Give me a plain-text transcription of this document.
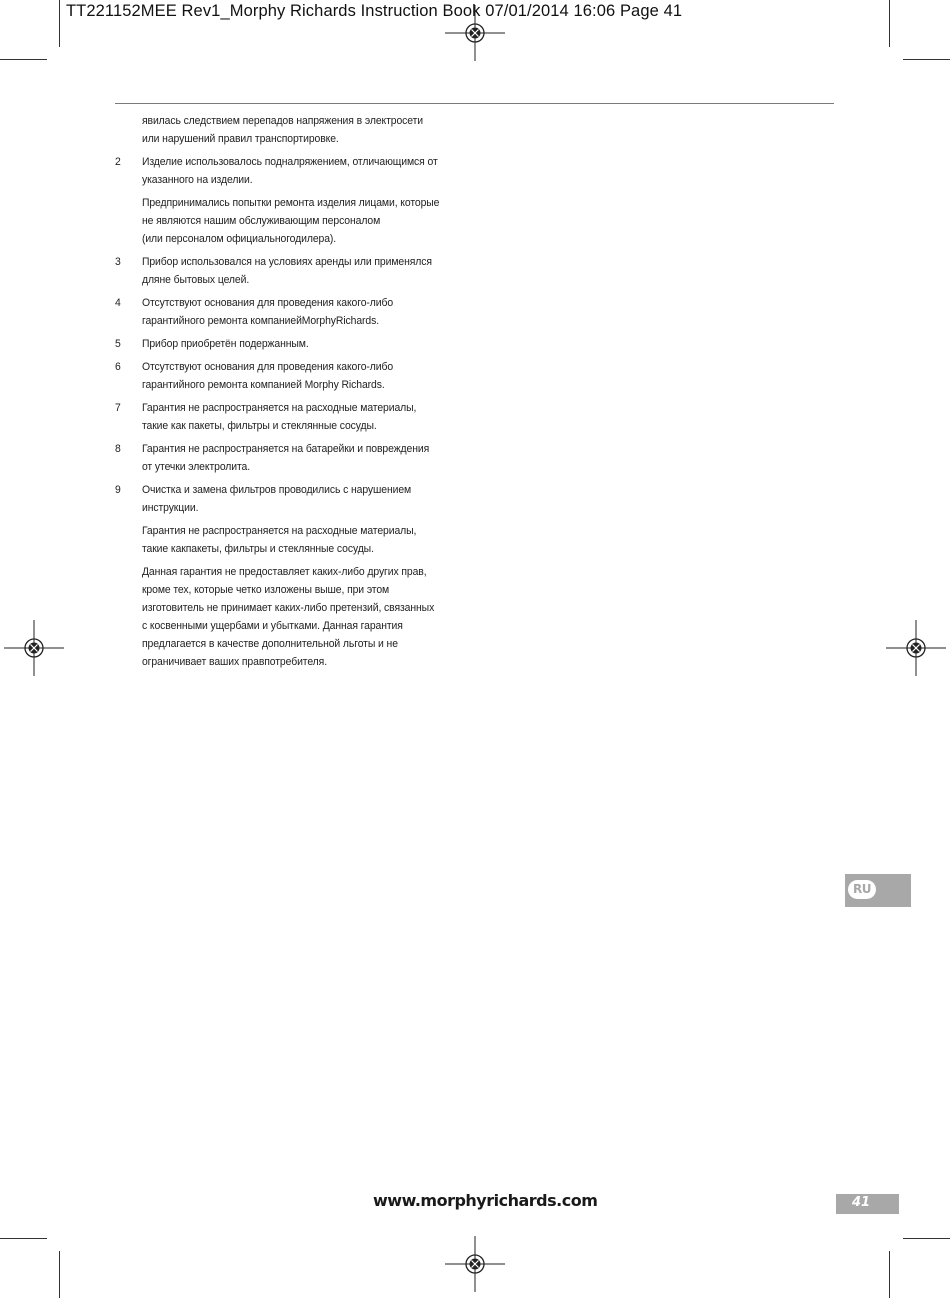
TT221152MEE Rev1_Morphy Richards Instruction Book 07/01/2014 16:06 Page 41
явилась следствием перепадов напряжения в электросети
или нарушений правил транспортировке.
2 Изделие использовалось подналряжением, отличающимся от
указанного на изделии.
Предпринимались попытки ремонта изделия лицами, которые
не являются нашим обслуживающим персоналом
(или персоналом официальногодилера).
3 Прибор использовался на условиях аренды или применялся
дляне бытовых целей.
4 Отсутствуют основания для проведения какого-либо
гарантийного ремонта компаниейMorphyRichards.
5 Прибор приобретён подержанным.
6 Отсутствуют основания для проведения какого-либо
гарантийного ремонта компанией Morphy Richards.
7 Гарантия не распространяется на расходные материалы,
такие как пакеты, фильтры и стеклянные сосуды.
8 Гарантия не распространяется на батарейки и повреждения
от утечки электролита.
9 Очистка и замена фильтров проводились с нарушением
инструкции.
Гарантия не распространяется на расходные материалы,
такие какпакеты, фильтры и стеклянные сосуды.
Данная гарантия не предоставляет каких-либо других прав,
кроме тех, которые четко изложены выше, при этом
изготовитель не принимает каких-либо претензий, связанных
с косвенными ущербами и убытками. Данная гарантия
предлагается в качестве дополнительной льготы и не
ограничивает ваших правпотребителя.
RU
www.morphyrichards.com	41
